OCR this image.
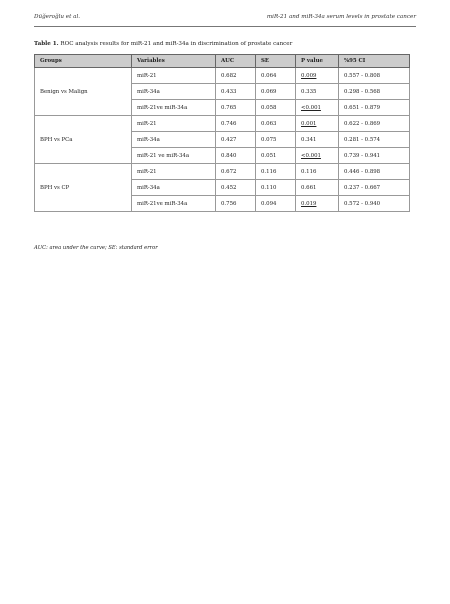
Düğeroğlu et al.	miR-21 and miR-34a serum levels in prostate cancer
Table 1. ROC analysis results for miR-21 and miR-34a in discrimination of prostate cancer
Groups	Variables	AUC	SE	P value	%95 CI
Benign vs Malign	miR-21	0.682	0.064	0.009	0.557 - 0.808
	miR-34a	0.433	0.069	0.335	0.298 - 0.568
	miR-21ve miR-34a	0.765	0.058	<0.001	0.651 - 0.879
BPH vs PCa	miR-21	0.746	0.063	0.001	0.622 - 0.869
	miR-34a	0.427	0.075	0.341	0.281 - 0.574
	miR-21 ve miR-34a	0.840	0.051	<0.001	0.739 - 0.941
BPH vs CP	miR-21	0.672	0.116	0.116	0.446 - 0.898
	miR-34a	0.452	0.110	0.661	0.237 - 0.667
	miR-21ve miR-34a	0.756	0.094	0.019	0.572 - 0.940
AUC: area under the curve; SE: standard error
